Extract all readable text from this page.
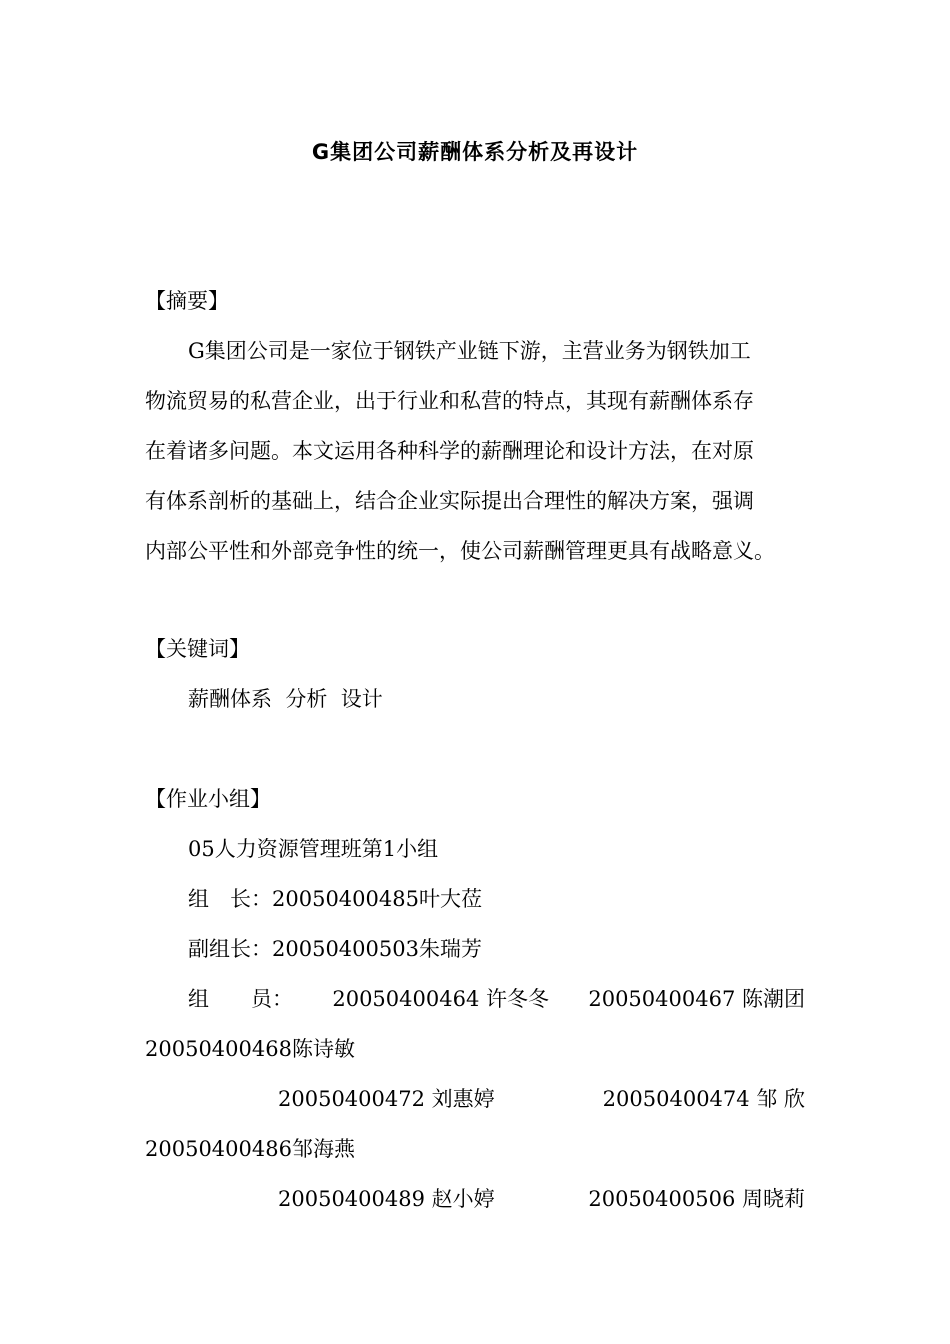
G集团公司薪酬体系分析及再设计
【摘要】
G集团公司是一家位于钢铁产业链下游，主营业务为钢铁加工
物流贸易的私营企业，出于行业和私营的特点，其现有薪酬体系存
在着诸多问题。本文运用各种科学的薪酬理论和设计方法，在对原
有体系剖析的基础上，结合企业实际提出合理性的解决方案，强调
内部公平性和外部竞争性的统一，使公司薪酬管理更具有战略意义。
【关键词】
薪酬体系  分析  设计
【作业小组】
05人力资源管理班第1小组
组　长：20050400485叶大莅
副组长：20050400503朱瑞芳
组　　员： 20050400464 许冬冬 20050400467 陈潮团
20050400468陈诗敏
20050400472 刘惠婷	20050400474 邹 欣
20050400486邹海燕
20050400489 赵小婷	20050400506 周晓莉
